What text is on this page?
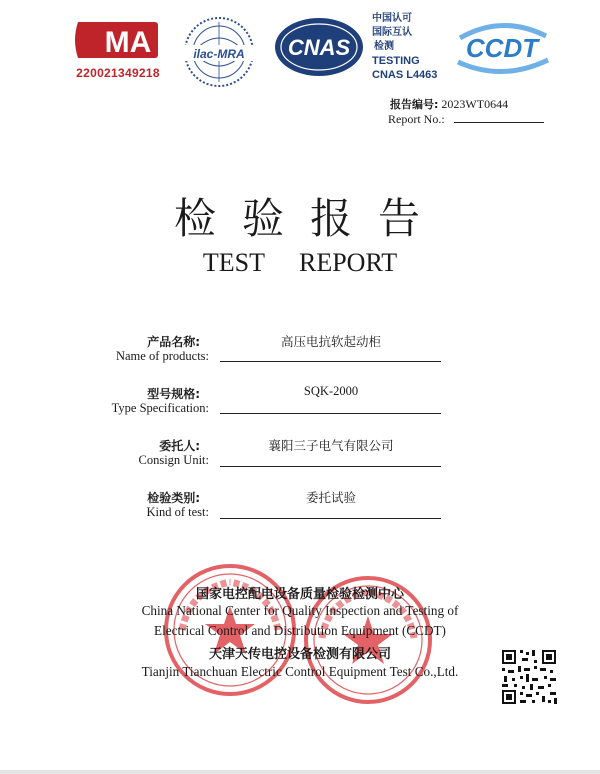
MA
220021349218
ilac-MRA CNAS
中国认可
国际互认
检测
TESTING
CNAS L4463
CCDT
报告编号: 2023WT0644
Report No.:
检验报告
TEST REPORT
产品名称:
Name of products:
高压电抗软起动柜
型号规格:
Type Specification:
SQK-2000
委托人:
Consign Unit:
襄阳三子电气有限公司
检验类别:
Kind of test:
委托试验
国家电控配电设备质量检验检测中心
China National Center for Quality Inspection and Testing of
Electrical Control and Distribution Equipment (CCDT)
天津天传电控设备检测有限公司
Tianjin Tianchuan Electric Control Equipment Test Co.,Ltd.
